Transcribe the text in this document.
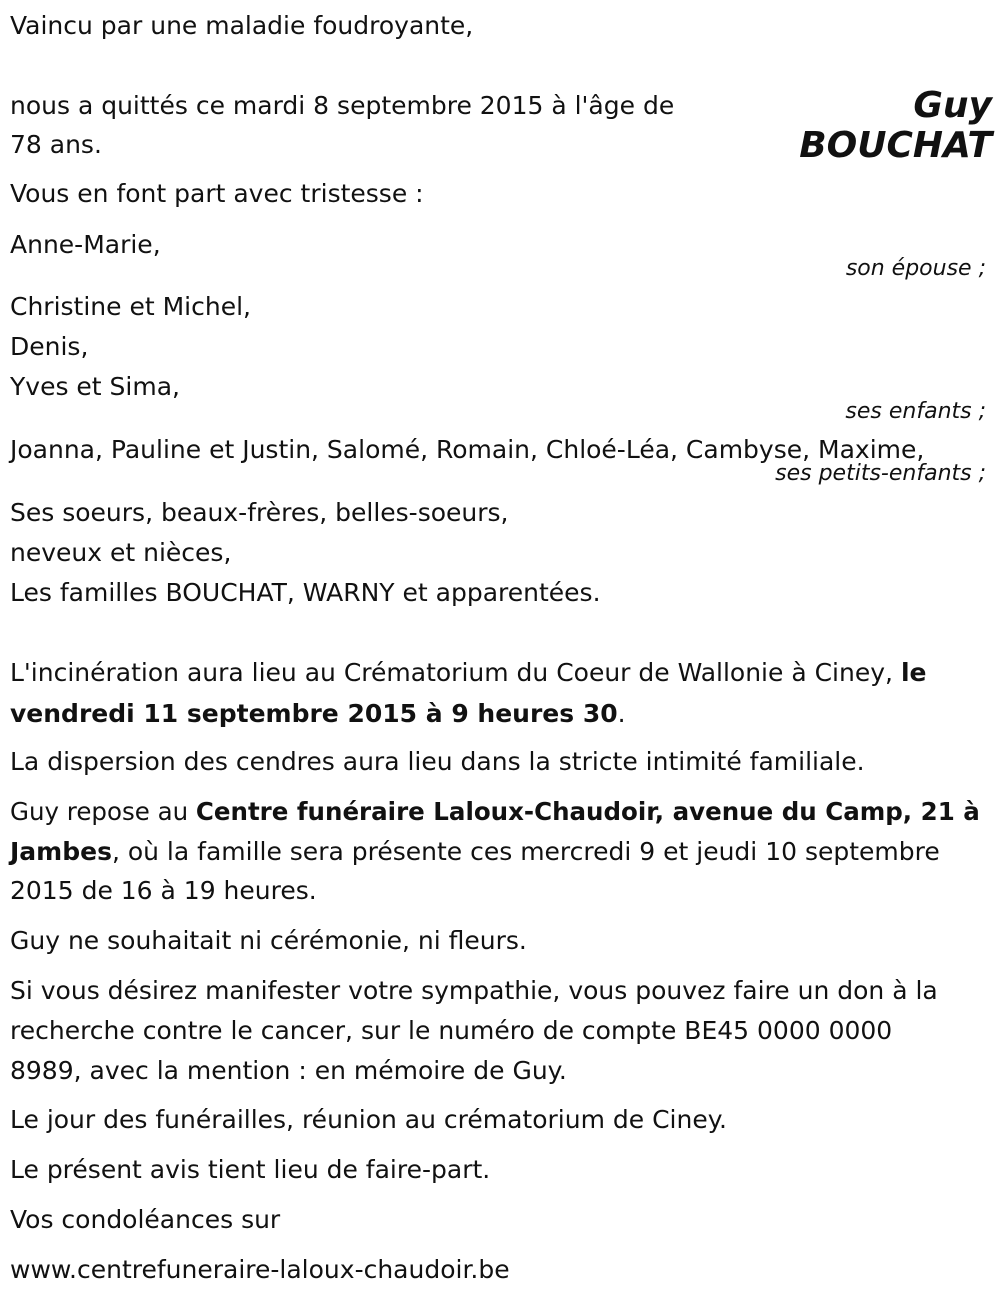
Vaincu par une maladie foudroyante,

Guy
BOUCHAT

nous a quittés ce mardi 8 septembre 2015 à l'âge de

78 ans.

Vous en font part avec tristesse :

Anne-Marie,

son épouse ;

Christine et Michel,

Denis,

Yves et Sima,

ses enfants ;

Joanna, Pauline et Justin, Salomé, Romain, Chloé-Léa, Cambyse, Maxime,

ses petits-enfants ;

Ses soeurs, beaux-frères, belles-soeurs,

neveux et nièces,

Les familles BOUCHAT, WARNY et apparentées.

L'incinération aura lieu au Crématorium du Coeur de Wallonie à Ciney, le

vendredi 11 septembre 2015 à 9 heures 30.

La dispersion des cendres aura lieu dans la stricte intimité familiale.

Guy repose au Centre funéraire Laloux-Chaudoir, avenue du Camp, 21 à

Jambes, où la famille sera présente ces mercredi 9 et jeudi 10 septembre

2015 de 16 à 19 heures.

Guy ne souhaitait ni cérémonie, ni fleurs.

Si vous désirez manifester votre sympathie, vous pouvez faire un don à la

recherche contre le cancer, sur le numéro de compte BE45 0000 0000

8989, avec la mention : en mémoire de Guy.

Le jour des funérailles, réunion au crématorium de Ciney.

Le présent avis tient lieu de faire-part.

Vos condoléances sur

www.centrefuneraire-laloux-chaudoir.be
